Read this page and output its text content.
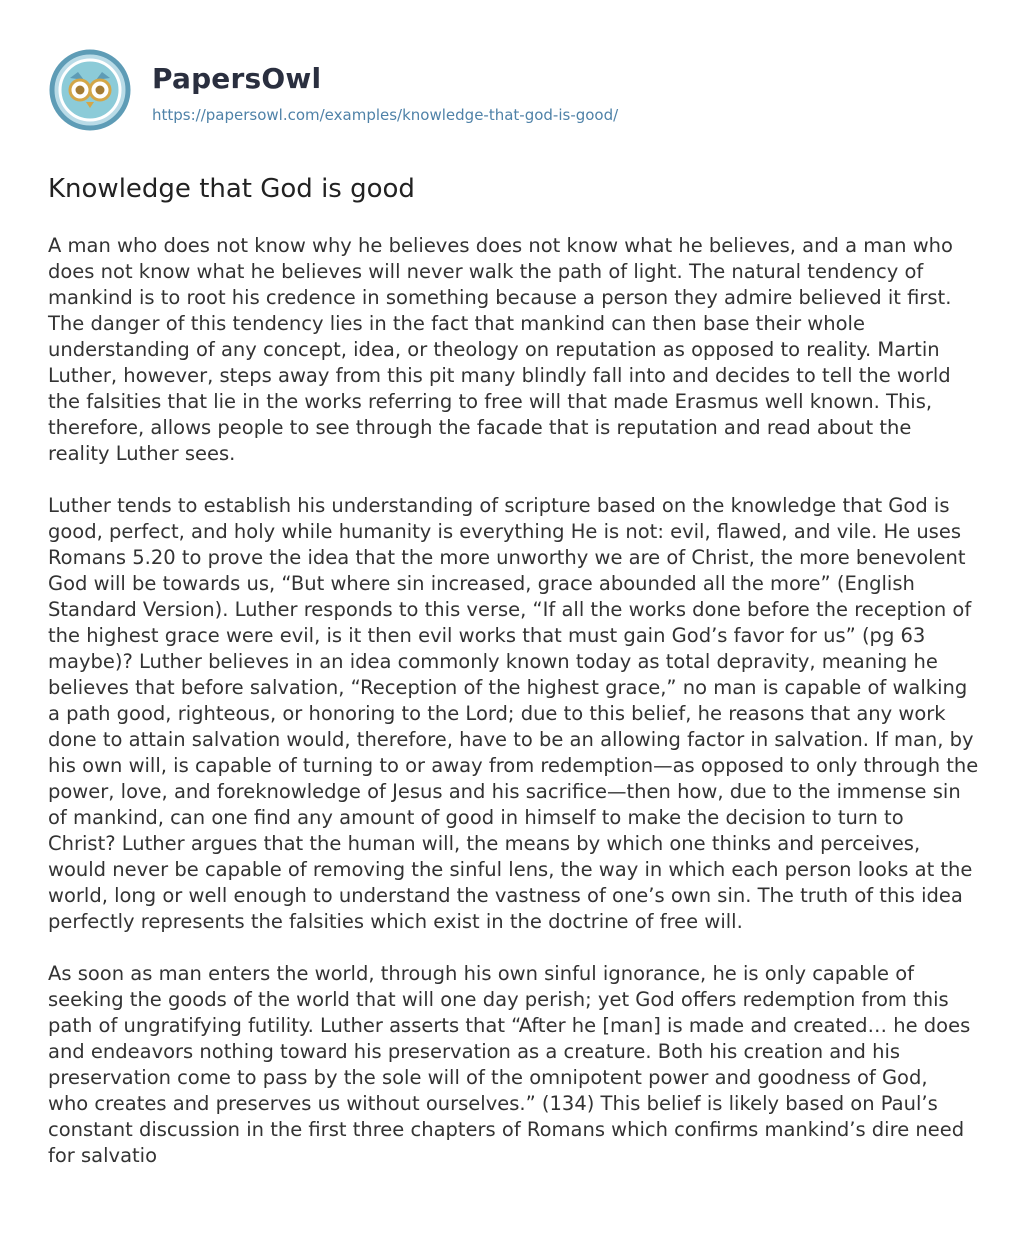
PapersOwl
https://papersowl.com/examples/knowledge-that-god-is-good/
Knowledge that God is good

A man who does not know why he believes does not know what he believes, and a man who
does not know what he believes will never walk the path of light. The natural tendency of
mankind is to root his credence in something because a person they admire believed it first.
The danger of this tendency lies in the fact that mankind can then base their whole
understanding of any concept, idea, or theology on reputation as opposed to reality. Martin
Luther, however, steps away from this pit many blindly fall into and decides to tell the world
the falsities that lie in the works referring to free will that made Erasmus well known. This,
therefore, allows people to see through the facade that is reputation and read about the
reality Luther sees.

Luther tends to establish his understanding of scripture based on the knowledge that God is
good, perfect, and holy while humanity is everything He is not: evil, flawed, and vile. He uses
Romans 5.20 to prove the idea that the more unworthy we are of Christ, the more benevolent
God will be towards us, “But where sin increased, grace abounded all the more” (English
Standard Version). Luther responds to this verse, “If all the works done before the reception of
the highest grace were evil, is it then evil works that must gain God’s favor for us” (pg 63
maybe)? Luther believes in an idea commonly known today as total depravity, meaning he
believes that before salvation, “Reception of the highest grace,” no man is capable of walking
a path good, righteous, or honoring to the Lord; due to this belief, he reasons that any work
done to attain salvation would, therefore, have to be an allowing factor in salvation. If man, by
his own will, is capable of turning to or away from redemption—as opposed to only through the
power, love, and foreknowledge of Jesus and his sacrifice—then how, due to the immense sin
of mankind, can one find any amount of good in himself to make the decision to turn to
Christ? Luther argues that the human will, the means by which one thinks and perceives,
would never be capable of removing the sinful lens, the way in which each person looks at the
world, long or well enough to understand the vastness of one’s own sin. The truth of this idea
perfectly represents the falsities which exist in the doctrine of free will.

As soon as man enters the world, through his own sinful ignorance, he is only capable of
seeking the goods of the world that will one day perish; yet God offers redemption from this
path of ungratifying futility. Luther asserts that “After he [man] is made and created… he does
and endeavors nothing toward his preservation as a creature. Both his creation and his
preservation come to pass by the sole will of the omnipotent power and goodness of God,
who creates and preserves us without ourselves.” (134) This belief is likely based on Paul’s
constant discussion in the first three chapters of Romans which confirms mankind’s dire need
for salvatio
